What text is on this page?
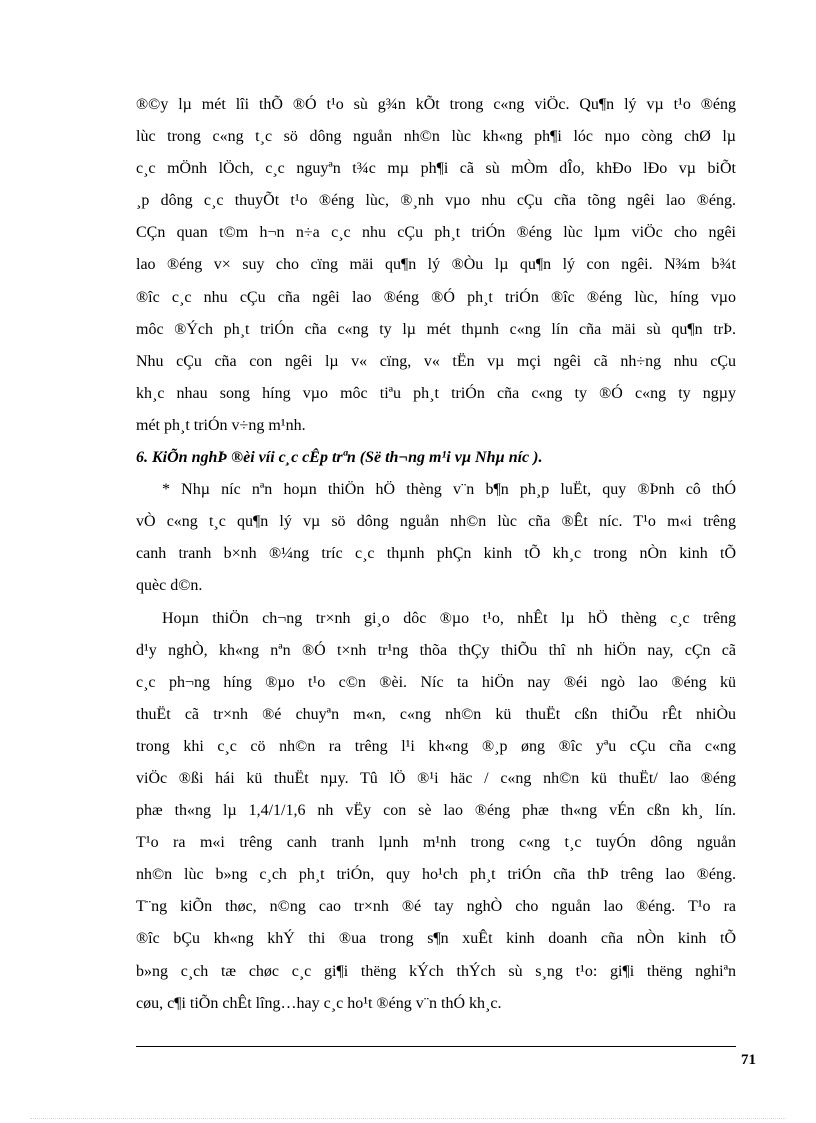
®©y lµ mét lîi thÕ ®Ó t¹o sù g¾n kÕt trong c«ng viÖc. Qu¶n lý vµ t¹o ®éng
lùc trong c«ng t¸c sö dông nguån nh©n lùc kh«ng ph¶i lóc nµo còng chØ lµ
c¸c mÖnh lÖch, c¸c nguyªn t¾c mµ ph¶i cã sù mÒm dÎo, khÐo lÐo vµ biÕt
¸p dông c¸c thuyÕt t¹o ®éng lùc, ®¸nh vµo nhu cÇu cña tõng ngêi lao ®éng.
CÇn quan t©m h¬n n÷a c¸c nhu cÇu ph¸t triÓn ®éng lùc lµm viÖc cho ngêi
lao ®éng v× suy cho cïng mäi qu¶n lý ®Òu lµ qu¶n lý con ngêi. N¾m b¾t
®îc c¸c nhu cÇu cña ngêi lao ®éng ®Ó ph¸t triÓn ®îc ®éng lùc, híng vµo
môc ®Ých ph¸t triÓn cña c«ng ty lµ mét thµnh c«ng lín cña mäi sù qu¶n trÞ.
Nhu cÇu cña con ngêi lµ v« cïng, v« tËn vµ mçi ngêi cã nh÷ng nhu cÇu
kh¸c nhau song híng vµo môc tiªu ph¸t triÓn cña c«ng ty ®Ó c«ng ty ngµy
mét ph¸t triÓn v÷ng m¹nh.
6. KiÕn nghÞ ®èi víi c¸c cÊp trªn (Së th¬ng m¹i vµ Nhµ níc ).
* Nhµ níc nªn hoµn thiÖn hÖ thèng v¨n b¶n ph¸p luËt, quy ®Þnh cô thÓ
vÒ c«ng t¸c qu¶n lý vµ sö dông nguån nh©n lùc cña ®Êt níc. T¹o m«i trêng
canh tranh b×nh ®¼ng tríc c¸c thµnh phÇn kinh tÕ kh¸c trong nÒn kinh tÕ
quèc d©n.
Hoµn thiÖn ch¬ng tr×nh gi¸o dôc ®µo t¹o, nhÊt lµ hÖ thèng c¸c trêng
d¹y nghÒ, kh«ng nªn ®Ó t×nh tr¹ng thõa thÇy thiÕu thî nh hiÖn nay, cÇn cã
c¸c ph¬ng híng ®µo t¹o c©n ®èi. Níc ta hiÖn nay ®éi ngò lao ®éng kü
thuËt cã tr×nh ®é chuyªn m«n, c«ng nh©n kü thuËt cßn thiÕu rÊt nhiÒu
trong khi c¸c cö nh©n ra trêng l¹i kh«ng ®¸p øng ®îc yªu cÇu cña c«ng
viÖc ®ßi hái kü thuËt nµy. Tû lÖ ®¹i häc / c«ng nh©n kü thuËt/ lao ®éng
phæ th«ng lµ 1,4/1/1,6 nh vËy con sè lao ®éng phæ th«ng vÉn cßn kh¸ lín.
T¹o ra m«i trêng canh tranh lµnh m¹nh trong c«ng t¸c tuyÓn dông nguån
nh©n lùc b»ng c¸ch ph¸t triÓn, quy ho¹ch ph¸t triÓn cña thÞ trêng lao ®éng.
T¨ng kiÕn thøc, n©ng cao tr×nh ®é tay nghÒ cho nguån lao ®éng. T¹o ra
®îc bÇu kh«ng khÝ thi ®ua trong s¶n xuÊt kinh doanh cña nÒn kinh tÕ
b»ng c¸ch tæ chøc c¸c gi¶i thëng kÝch thÝch sù s¸ng t¹o: gi¶i thëng nghiªn
cøu, c¶i tiÕn chÊt lîng…hay c¸c ho¹t ®éng v¨n thÓ kh¸c.
71
